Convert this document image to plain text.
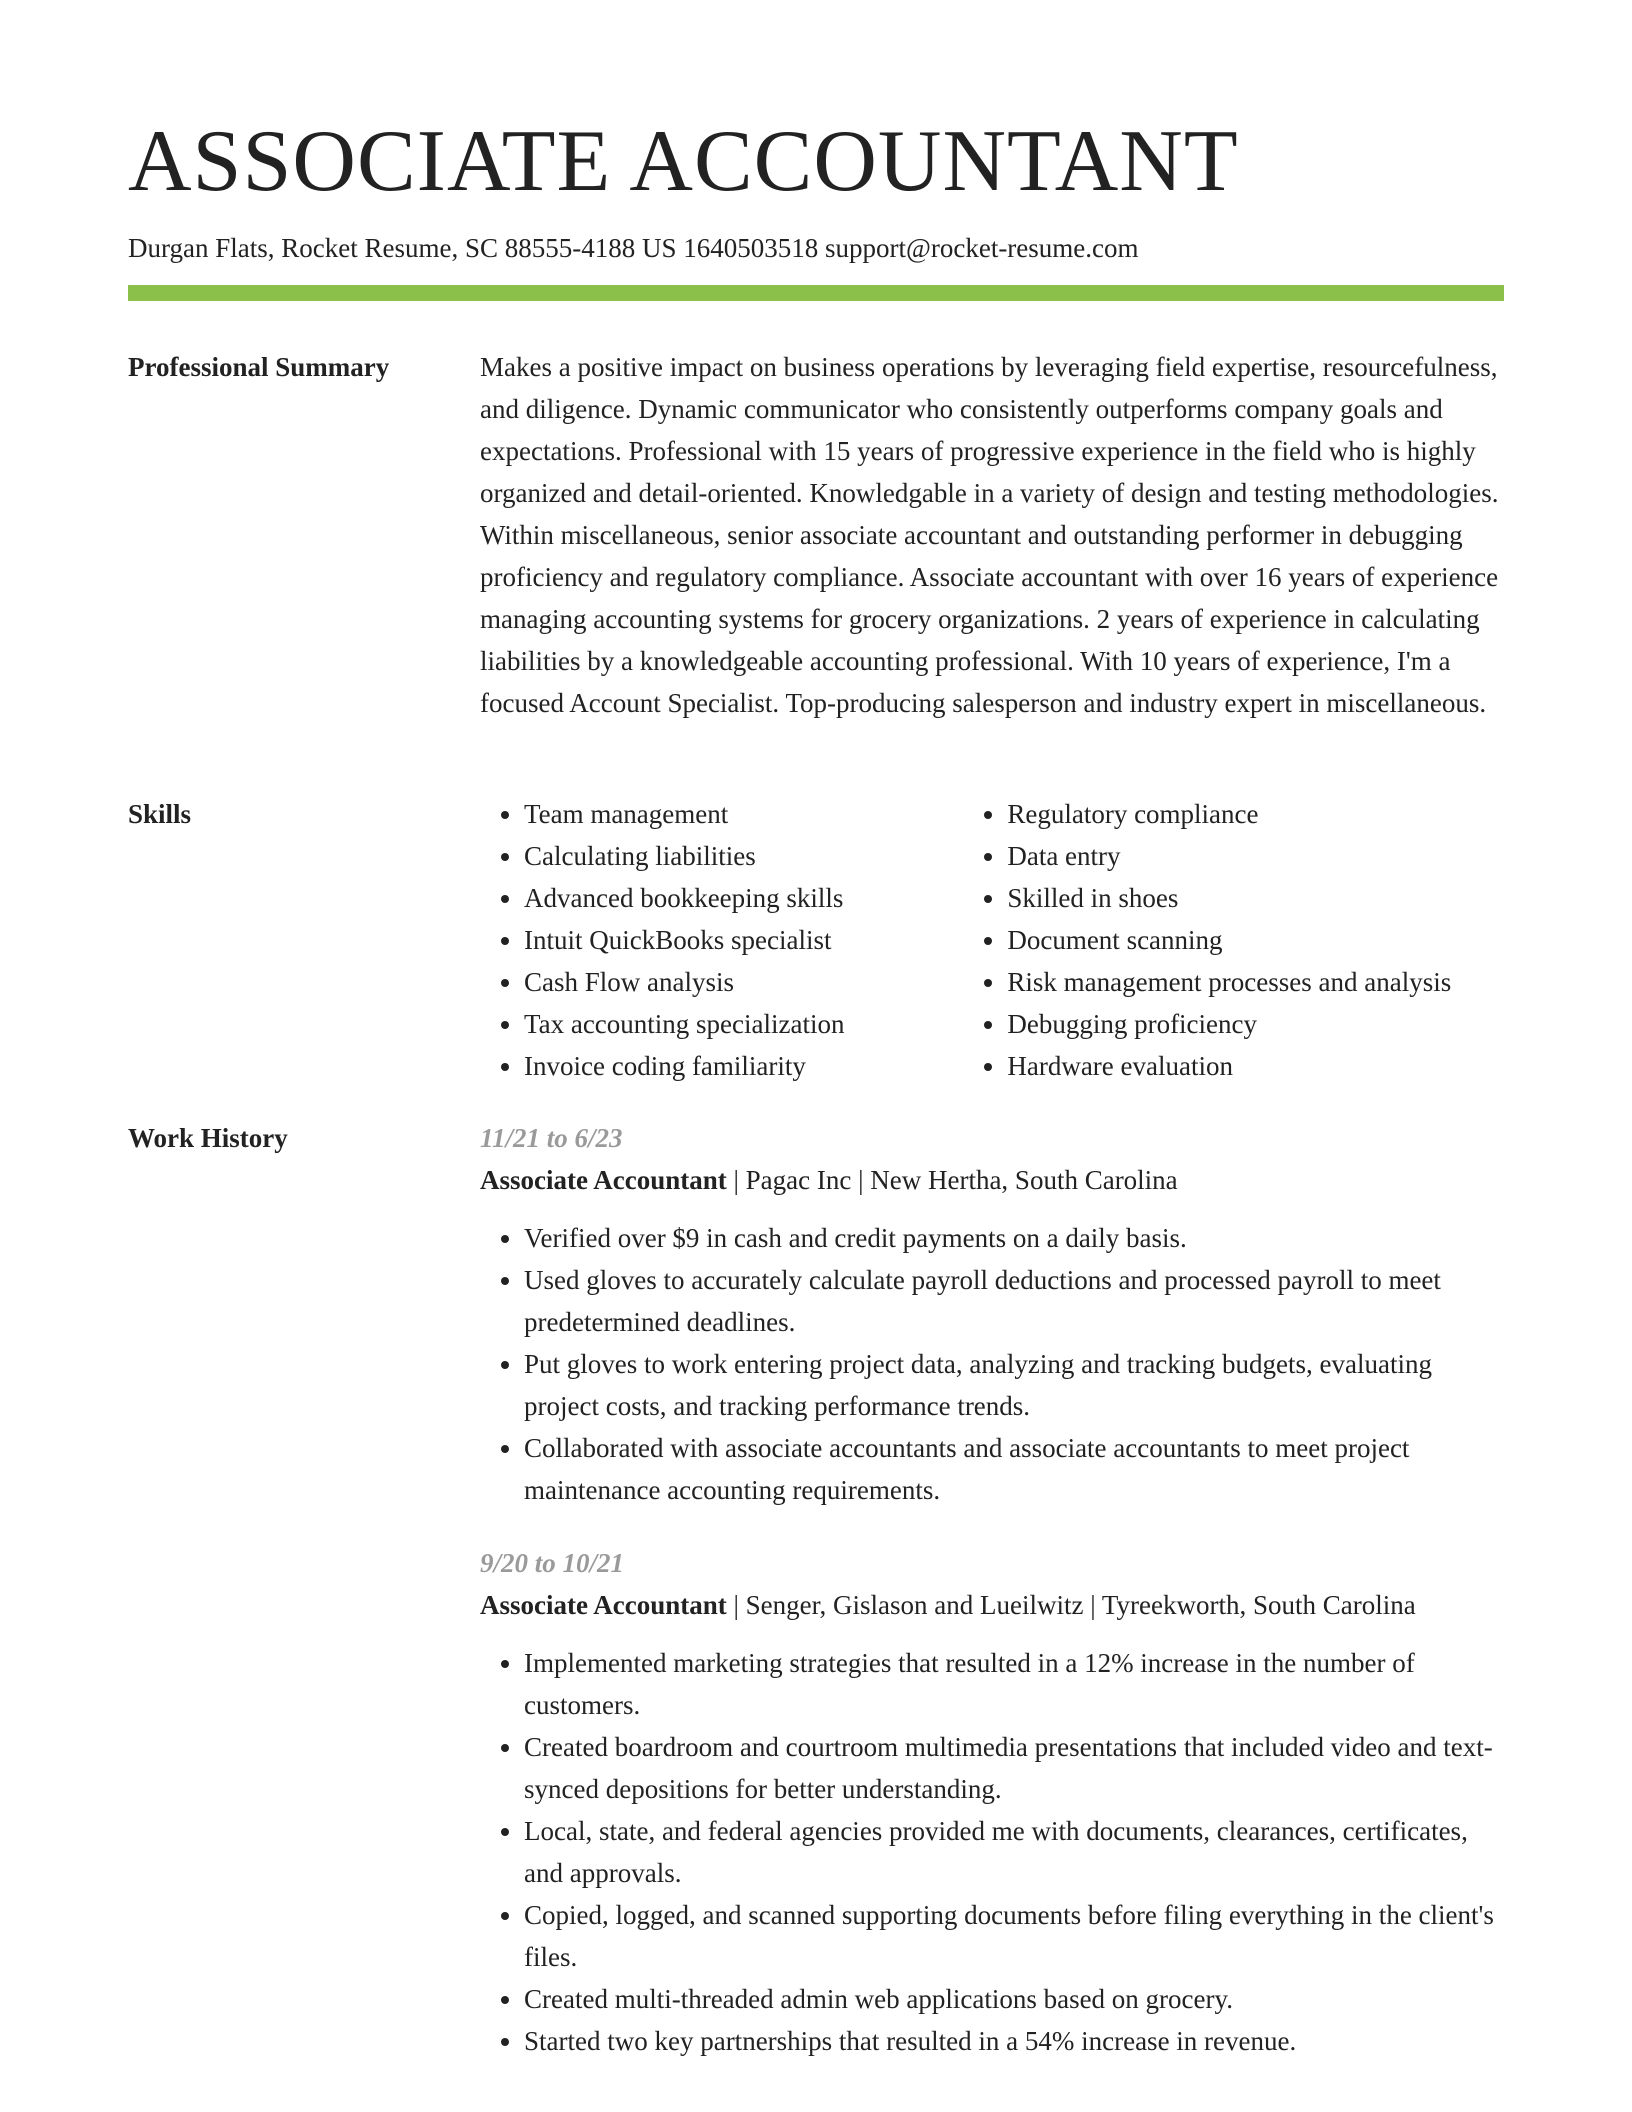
ASSOCIATE ACCOUNTANT
Durgan Flats, Rocket Resume, SC 88555-4188 US 1640503518 support@rocket-resume.com
Professional Summary	Makes a positive impact on business operations by leveraging field expertise, resourcefulness, and diligence. Dynamic communicator who consistently outperforms company goals and expectations. Professional with 15 years of progressive experience in the field who is highly organized and detail-oriented. Knowledgable in a variety of design and testing methodologies. Within miscellaneous, senior associate accountant and outstanding performer in debugging proficiency and regulatory compliance. Associate accountant with over 16 years of experience managing accounting systems for grocery organizations. 2 years of experience in calculating liabilities by a knowledgeable accounting professional. With 10 years of experience, I'm a focused Account Specialist. Top-producing salesperson and industry expert in miscellaneous.

Skills
•	Team management
• Calculating liabilities
• Advanced bookkeeping skills
• Intuit QuickBooks specialist
• Cash Flow analysis
• Tax accounting specialization
• Invoice coding familiarity
• Regulatory compliance
• Data entry
• Skilled in shoes
• Document scanning
• Risk management processes and analysis
• Debugging proficiency
• Hardware evaluation
Work History	11/21 to 6/23
Associate Accountant | Pagac Inc | New Hertha, South Carolina
• Verified over $9 in cash and credit payments on a daily basis.
• Used gloves to accurately calculate payroll deductions and processed payroll to meet predetermined deadlines.
• Put gloves to work entering project data, analyzing and tracking budgets, evaluating project costs, and tracking performance trends.
• Collaborated with associate accountants and associate accountants to meet project maintenance accounting requirements.
9/20 to 10/21
Associate Accountant | Senger, Gislason and Lueilwitz | Tyreekworth, South Carolina
• Implemented marketing strategies that resulted in a 12% increase in the number of customers.
• Created boardroom and courtroom multimedia presentations that included video and text-synced depositions for better understanding.
• Local, state, and federal agencies provided me with documents, clearances, certificates, and approvals.
• Copied, logged, and scanned supporting documents before filing everything in the client's files.
• Created multi-threaded admin web applications based on grocery.
• Started two key partnerships that resulted in a 54% increase in revenue.
